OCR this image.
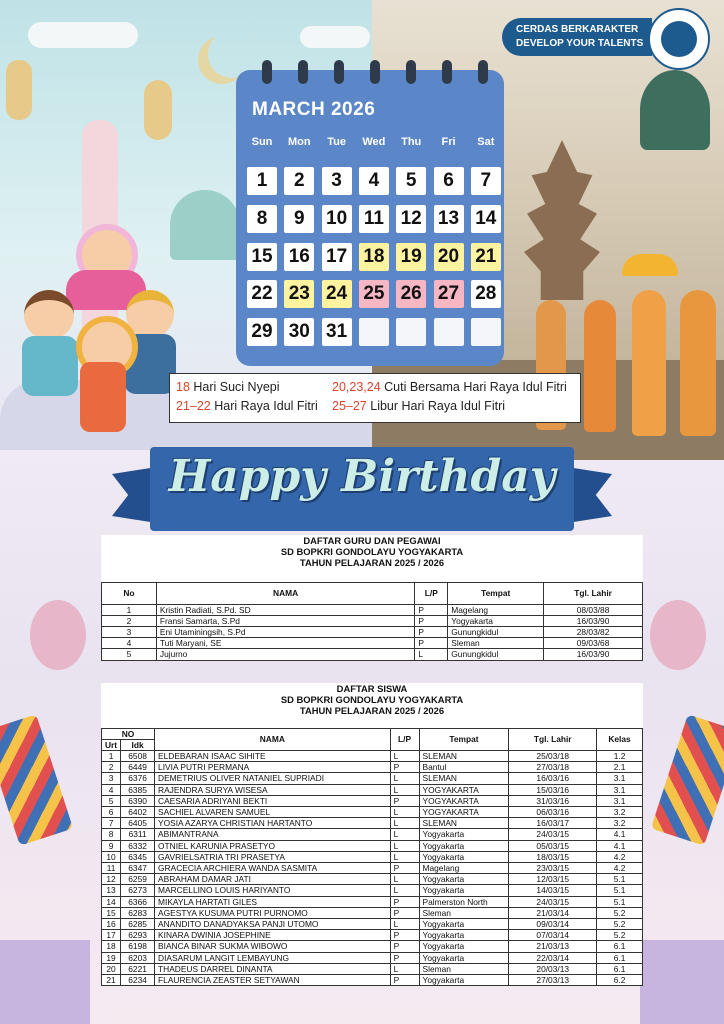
CERDAS BERKARAKTER
DEVELOP YOUR TALENTS
MARCH 2026
Sun	Mon	Tue	Wed	Thu	Fri	Sat
1	2	3	4	5	6	7
8	9	10 11 12 13 14
15 16 17 18 19 20 21
22 23 24 25 26 27 28
29 30 31
18 Hari Suci Nyepi	20,23,24 Cuti Bersama Hari Raya Idul Fitri
21–22 Hari Raya Idul Fitri 25–27 Libur Hari Raya Idul Fitri
Happy Birthday
DAFTAR GURU DAN PEGAWAI
SD BOPKRI GONDOLAYU YOGYAKARTA
TAHUN PELAJARAN 2025 / 2026
No	NAMA	L/P	Tempat	Tgl. Lahir
1	Kristin Radiati, S.Pd. SD	P	Magelang	08/03/88
2	Fransi Samarta, S.Pd	P	Yogyakarta	16/03/90
3	Eni Utaminingsih, S.Pd	P	Gunungkidul	28/03/82
4	Tuti Maryani, SE	P	Sleman	09/03/68
5	Jujurno	L	Gunungkidul	16/03/90
DAFTAR SISWA
SD BOPKRI GONDOLAYU YOGYAKARTA
TAHUN PELAJARAN 2025 / 2026
NO		NAMA	L/P	Tempat	Tgl. Lahir	Kelas
Urt	Idk					
1	6508	ELDEBARAN ISAAC SIHITE	L	SLEMAN	25/03/18	1.2
2	6449	LIVIA PUTRI PERMANA	P	Bantul	27/03/18	2.1
3	6376	DEMETRIUS OLIVER NATANIEL SUPRIADI	L	SLEMAN	16/03/16	3.1
4	6385	RAJENDRA SURYA WISESA	L	YOGYAKARTA	15/03/16	3.1
5	6390	CAESARIA ADRIYANI BEKTI	P	YOGYAKARTA	31/03/16	3.1
6	6402	SACHIEL ALVAREN SAMUEL	L	YOGYAKARTA	06/03/16	3.2
7	6405	YOSIA AZARYA CHRISTIAN HARTANTO	L	SLEMAN	16/03/17	3.2
8	6311	ABIMANTRANA	L	Yogyakarta	24/03/15	4.1
9	6332	OTNIEL KARUNIA PRASETYO	L	Yogyakarta	05/03/15	4.1
10	6345	GAVRIELSATRIA TRI PRASETYA	L	Yogyakarta	18/03/15	4.2
11	6347	GRACECIA ARCHIERA WANDA SASMITA	P	Magelang	23/03/15	4.2
12	6259	ABRAHAM DAMAR JATI	L	Yogyakarta	12/03/15	5.1
13	6273	MARCELLINO LOUIS HARIYANTO	L	Yogyakarta	14/03/15	5.1
14	6366	MIKAYLA HARTATI GILES	P	Palmerston North	24/03/15	5.1
15	6283	AGESTYA KUSUMA PUTRI PURNOMO	P	Sleman	21/03/14	5.2
16	6285	ANANDITO DANADYAKSA PANJI UTOMO	L	Yogyakarta	09/03/14	5.2
17	6293	KINARA DWINIA JOSEPHINE	P	Yogyakarta	07/03/14	5.2
18	6198	BIANCA BINAR SUKMA WIBOWO	P	Yogyakarta	21/03/13	6.1
19	6203	DIASARUM LANGIT LEMBAYUNG	P	Yogyakarta	22/03/14	6.1
20	6221	THADEUS DARREL DINANTA	L	Sleman	20/03/13	6.1
21	6234	FLAURENCIA ZEASTER SETYAWAN	P	Yogyakarta	27/03/13	6.2
